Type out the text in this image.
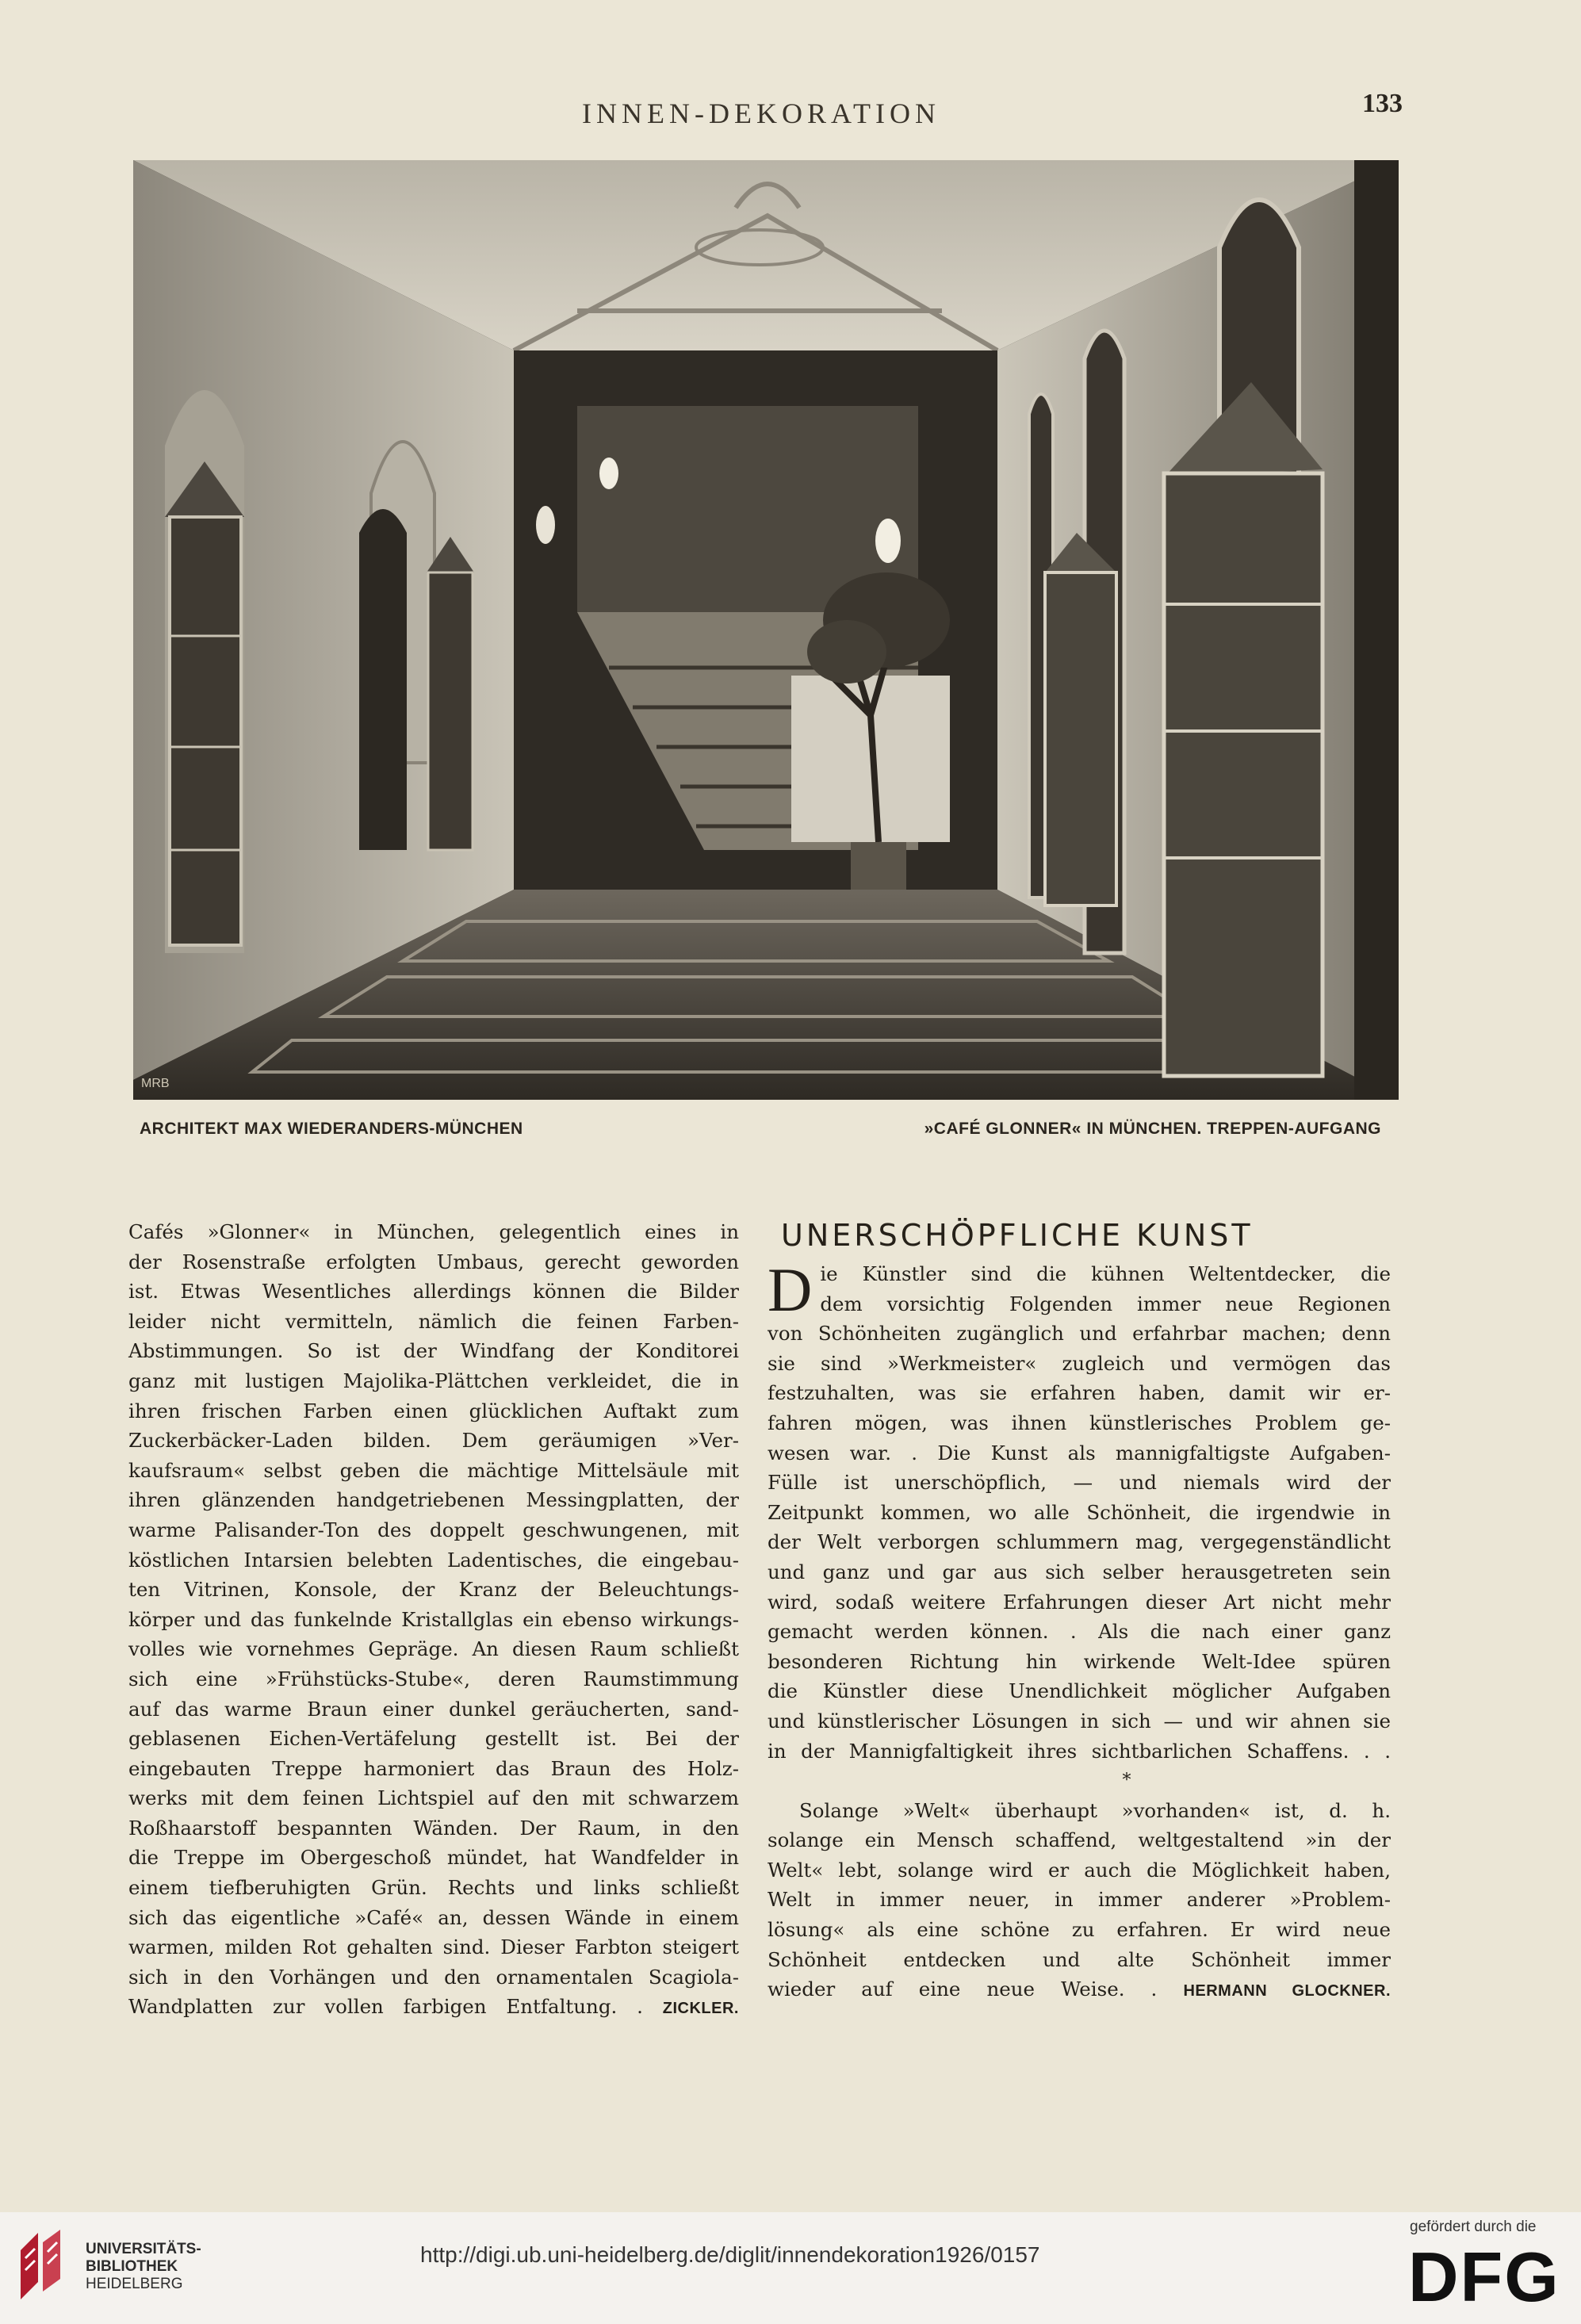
INNEN-DEKORATION	133
MRB
ARCHITEKT MAX WIEDERANDERS-MÜNCHEN	»CAFÉ GLONNER« IN MÜNCHEN. TREPPEN-AUFGANG
Cafés »Glonner« in München, gelegentlich eines in
der Rosenstraße erfolgten Umbaus, gerecht geworden
ist. Etwas Wesentliches allerdings können die Bilder
leider nicht vermitteln, nämlich die feinen Farben-
Abstimmungen. So ist der Windfang der Konditorei
ganz mit lustigen Majolika-Plättchen verkleidet, die in
ihren frischen Farben einen glücklichen Auftakt zum
Zuckerbäcker-Laden bilden. Dem geräumigen »Ver-
kaufsraum« selbst geben die mächtige Mittelsäule mit
ihren glänzenden handgetriebenen Messingplatten, der
warme Palisander-Ton des doppelt geschwungenen, mit
köstlichen Intarsien belebten Ladentisches, die eingebau-
ten Vitrinen, Konsole, der Kranz der Beleuchtungs-
körper und das funkelnde Kristallglas ein ebenso wirkungs-
volles wie vornehmes Gepräge. An diesen Raum schließt
sich eine »Frühstücks-Stube«, deren Raumstimmung
auf das warme Braun einer dunkel geräucherten, sand-
geblasenen Eichen-Vertäfelung gestellt ist. Bei der
eingebauten Treppe harmoniert das Braun des Holz-
werks mit dem feinen Lichtspiel auf den mit schwarzem
Roßhaarstoff bespannten Wänden. Der Raum, in den
die Treppe im Obergeschoß mündet, hat Wandfelder in
einem tiefberuhigten Grün. Rechts und links schließt
sich das eigentliche »Café« an, dessen Wände in einem
warmen, milden Rot gehalten sind. Dieser Farbton steigert
sich in den Vorhängen und den ornamentalen Scagiola-
Wandplatten zur vollen farbigen Entfaltung. . ZICKLER.
UNERSCHÖPFLICHE KUNST
D ie Künstler sind die kühnen Weltentdecker, die
dem vorsichtig Folgenden immer neue Regionen
von Schönheiten zugänglich und erfahrbar machen; denn
sie sind »Werkmeister« zugleich und vermögen das
festzuhalten, was sie erfahren haben, damit wir er-
fahren mögen, was ihnen künstlerisches Problem ge-
wesen war. . Die Kunst als mannigfaltigste Aufgaben-
Fülle ist unerschöpflich, — und niemals wird der
Zeitpunkt kommen, wo alle Schönheit, die irgendwie in
der Welt verborgen schlummern mag, vergegenständlicht
und ganz und gar aus sich selber herausgetreten sein
wird, sodaß weitere Erfahrungen dieser Art nicht mehr
gemacht werden können. . Als die nach einer ganz
besonderen Richtung hin wirkende Welt-Idee spüren
die Künstler diese Unendlichkeit möglicher Aufgaben
und künstlerischer Lösungen in sich — und wir ahnen sie
in der Mannigfaltigkeit ihres sichtbarlichen Schaffens. . .
*
Solange »Welt« überhaupt »vorhanden« ist, d. h.
solange ein Mensch schaffend, weltgestaltend »in der
Welt« lebt, solange wird er auch die Möglichkeit haben,
Welt in immer neuer, in immer anderer »Problem-
lösung« als eine schöne zu erfahren. Er wird neue
Schönheit entdecken und alte Schönheit immer
wieder auf eine neue Weise. . HERMANN GLOCKNER.
UNIVERSITÄTS-
BIBLIOTHEK
HEIDELBERG
http://digi.ub.uni-heidelberg.de/diglit/innendekoration1926/0157
gefördert durch die
DFG
